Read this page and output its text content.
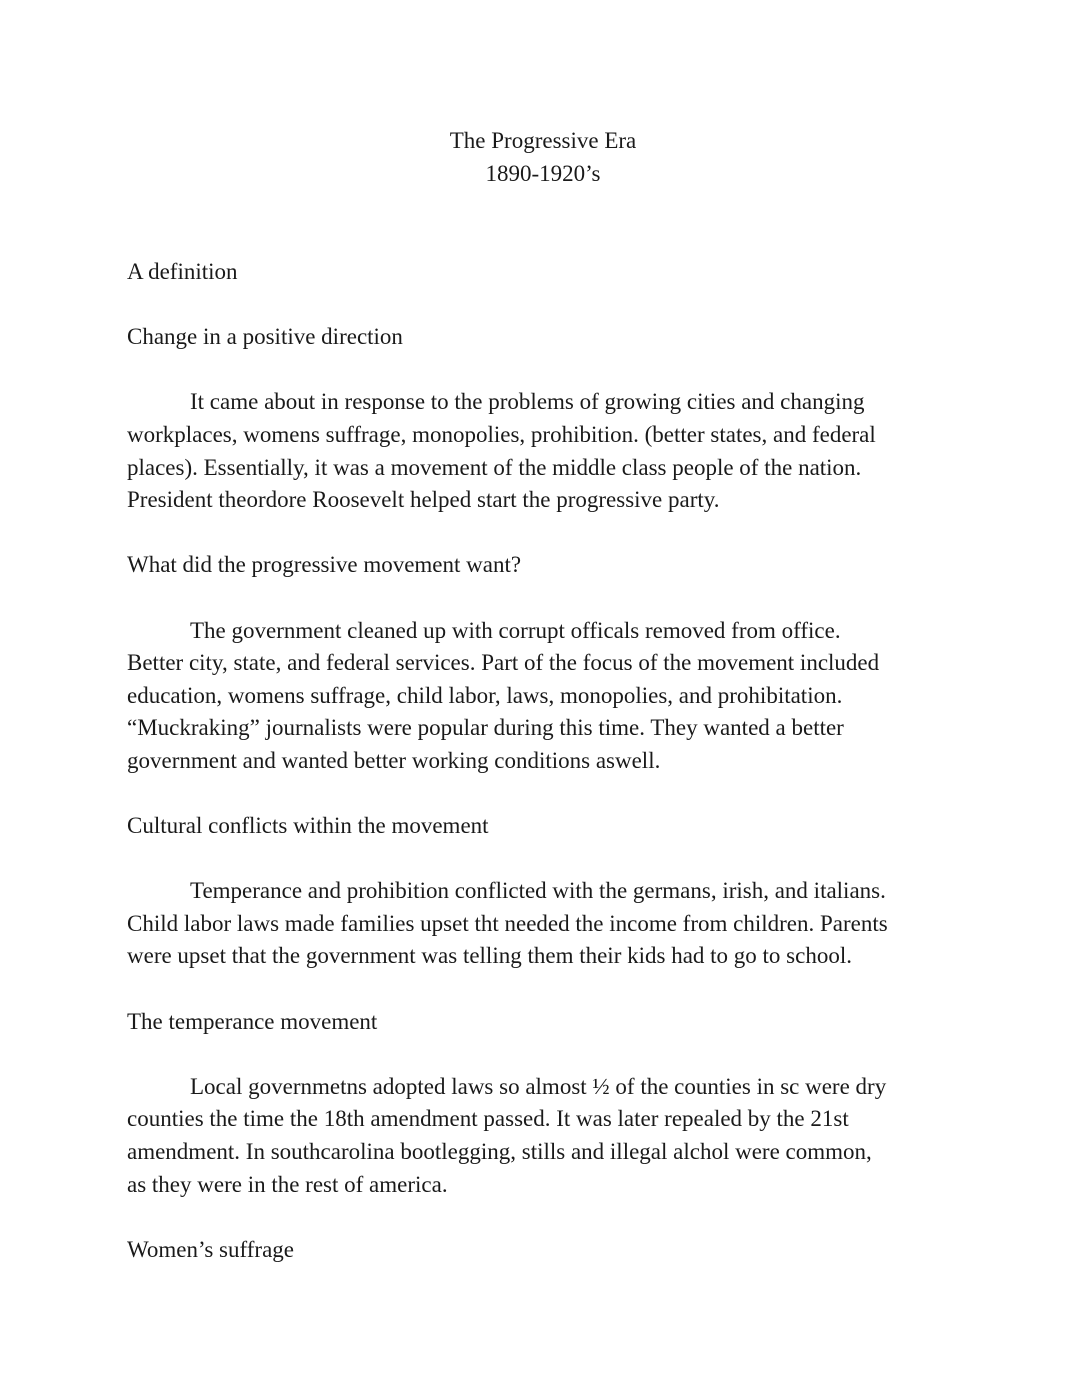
The Progressive Era
1890-1920’s

A definition

Change in a positive direction

It came about in response to the problems of growing cities and changing
workplaces, womens suffrage, monopolies, prohibition. (better states, and federal
places). Essentially, it was a movement of the middle class people of the nation.
President theordore Roosevelt helped start the progressive party.

What did the progressive movement want?

The government cleaned up with corrupt officals removed from office.
Better city, state, and federal services. Part of the focus of the movement included
education, womens suffrage, child labor, laws, monopolies, and prohibitation.
“Muckraking” journalists were popular during this time. They wanted a better
government and wanted better working conditions aswell.

Cultural conflicts within the movement

Temperance and prohibition conflicted with the germans, irish, and italians.
Child labor laws made families upset tht needed the income from children. Parents
were upset that the government was telling them their kids had to go to school.

The temperance movement

Local governmetns adopted laws so almost ½ of the counties in sc were dry
counties the time the 18th amendment passed. It was later repealed by the 21st
amendment. In southcarolina bootlegging, stills and illegal alchol were common,
as they were in the rest of america.

Women’s suffrage
